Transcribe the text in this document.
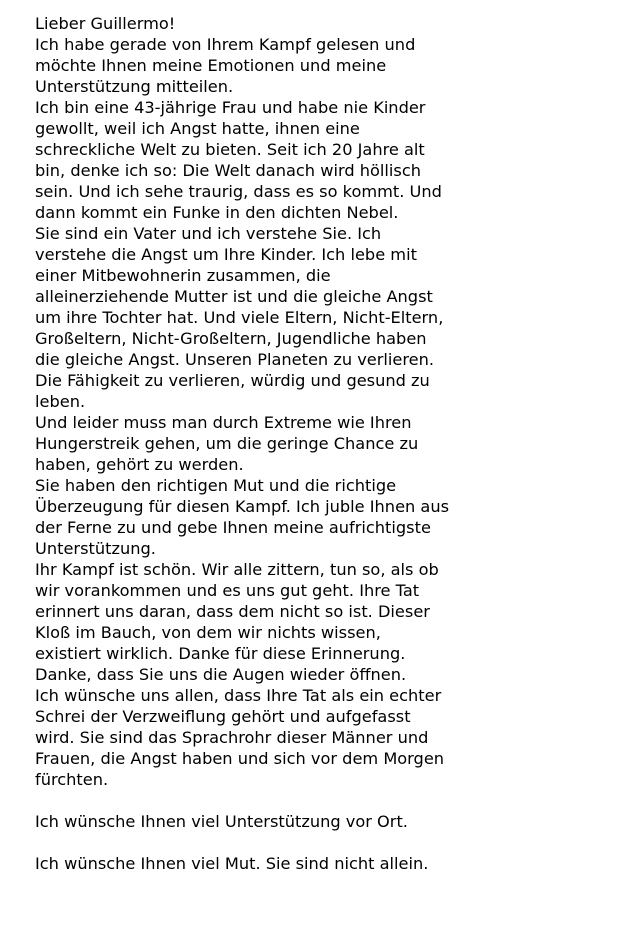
Lieber Guillermo!
Ich habe gerade von Ihrem Kampf gelesen und
möchte Ihnen meine Emotionen und meine
Unterstützung mitteilen.
Ich bin eine 43-jährige Frau und habe nie Kinder
gewollt, weil ich Angst hatte, ihnen eine
schreckliche Welt zu bieten. Seit ich 20 Jahre alt
bin, denke ich so: Die Welt danach wird höllisch
sein. Und ich sehe traurig, dass es so kommt. Und
dann kommt ein Funke in den dichten Nebel.
Sie sind ein Vater und ich verstehe Sie. Ich
verstehe die Angst um Ihre Kinder. Ich lebe mit
einer Mitbewohnerin zusammen, die
alleinerziehende Mutter ist und die gleiche Angst
um ihre Tochter hat. Und viele Eltern, Nicht-Eltern,
Großeltern, Nicht-Großeltern, Jugendliche haben
die gleiche Angst. Unseren Planeten zu verlieren.
Die Fähigkeit zu verlieren, würdig und gesund zu
leben.
Und leider muss man durch Extreme wie Ihren
Hungerstreik gehen, um die geringe Chance zu
haben, gehört zu werden.
Sie haben den richtigen Mut und die richtige
Überzeugung für diesen Kampf. Ich juble Ihnen aus
der Ferne zu und gebe Ihnen meine aufrichtigste
Unterstützung.
Ihr Kampf ist schön. Wir alle zittern, tun so, als ob
wir vorankommen und es uns gut geht. Ihre Tat
erinnert uns daran, dass dem nicht so ist. Dieser
Kloß im Bauch, von dem wir nichts wissen,
existiert wirklich. Danke für diese Erinnerung.
Danke, dass Sie uns die Augen wieder öffnen.
Ich wünsche uns allen, dass Ihre Tat als ein echter
Schrei der Verzweiflung gehört und aufgefasst
wird. Sie sind das Sprachrohr dieser Männer und
Frauen, die Angst haben und sich vor dem Morgen
fürchten.
Ich wünsche Ihnen viel Unterstützung vor Ort.
Ich wünsche Ihnen viel Mut. Sie sind nicht allein.
